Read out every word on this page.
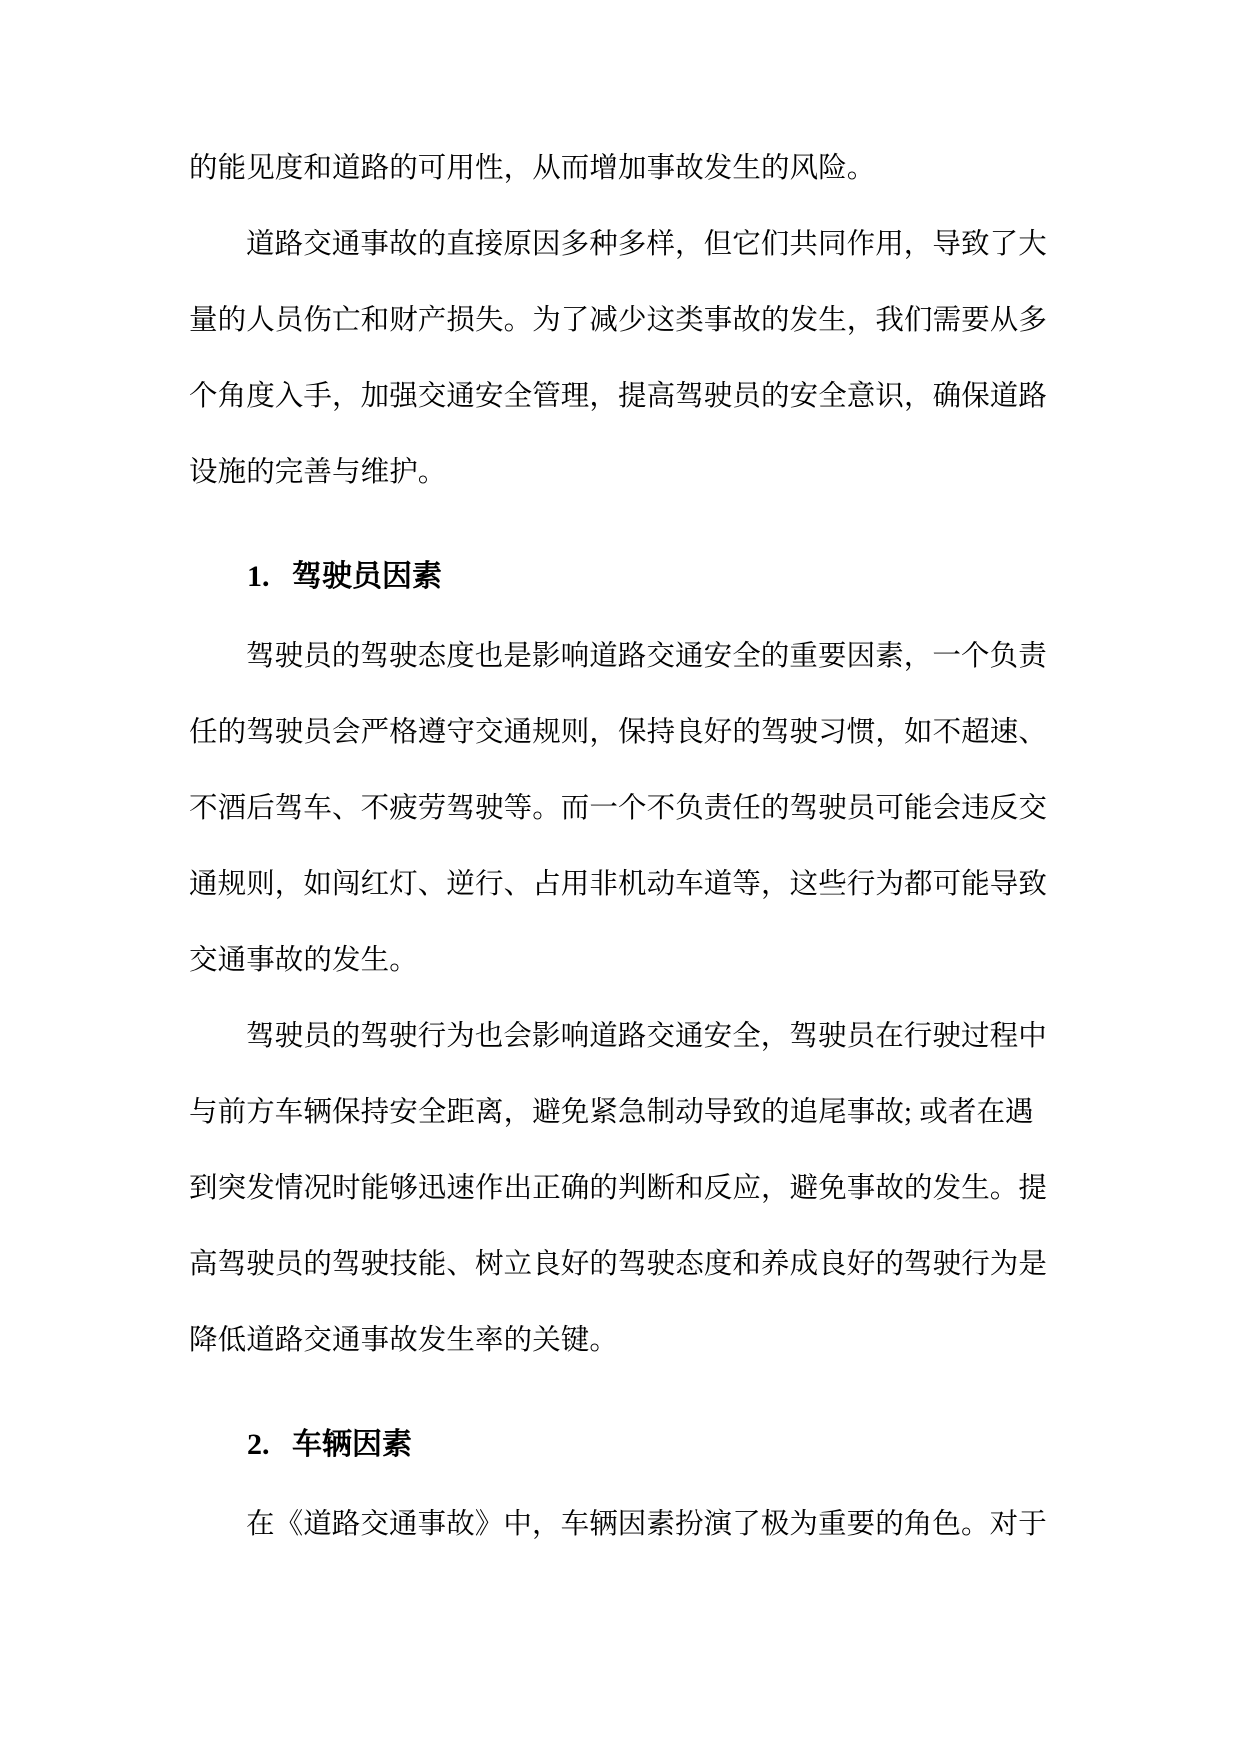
的能见度和道路的可用性，从而增加事故发生的风险。
道路交通事故的直接原因多种多样，但它们共同作用，导致了大
量的人员伤亡和财产损失。为了减少这类事故的发生，我们需要从多
个角度入手，加强交通安全管理，提高驾驶员的安全意识，确保道路
设施的完善与维护。
1. 驾驶员因素
驾驶员的驾驶态度也是影响道路交通安全的重要因素，一个负责
任的驾驶员会严格遵守交通规则，保持良好的驾驶习惯，如不超速、
不酒后驾车、不疲劳驾驶等。而一个不负责任的驾驶员可能会违反交
通规则，如闯红灯、逆行、占用非机动车道等，这些行为都可能导致
交通事故的发生。
驾驶员的驾驶行为也会影响道路交通安全，驾驶员在行驶过程中
与前方车辆保持安全距离，避免紧急制动导致的追尾事故; 或者在遇
到突发情况时能够迅速作出正确的判断和反应，避免事故的发生。提
高驾驶员的驾驶技能、树立良好的驾驶态度和养成良好的驾驶行为是
降低道路交通事故发生率的关键。
2. 车辆因素
在《道路交通事故》中，车辆因素扮演了极为重要的角色。对于
